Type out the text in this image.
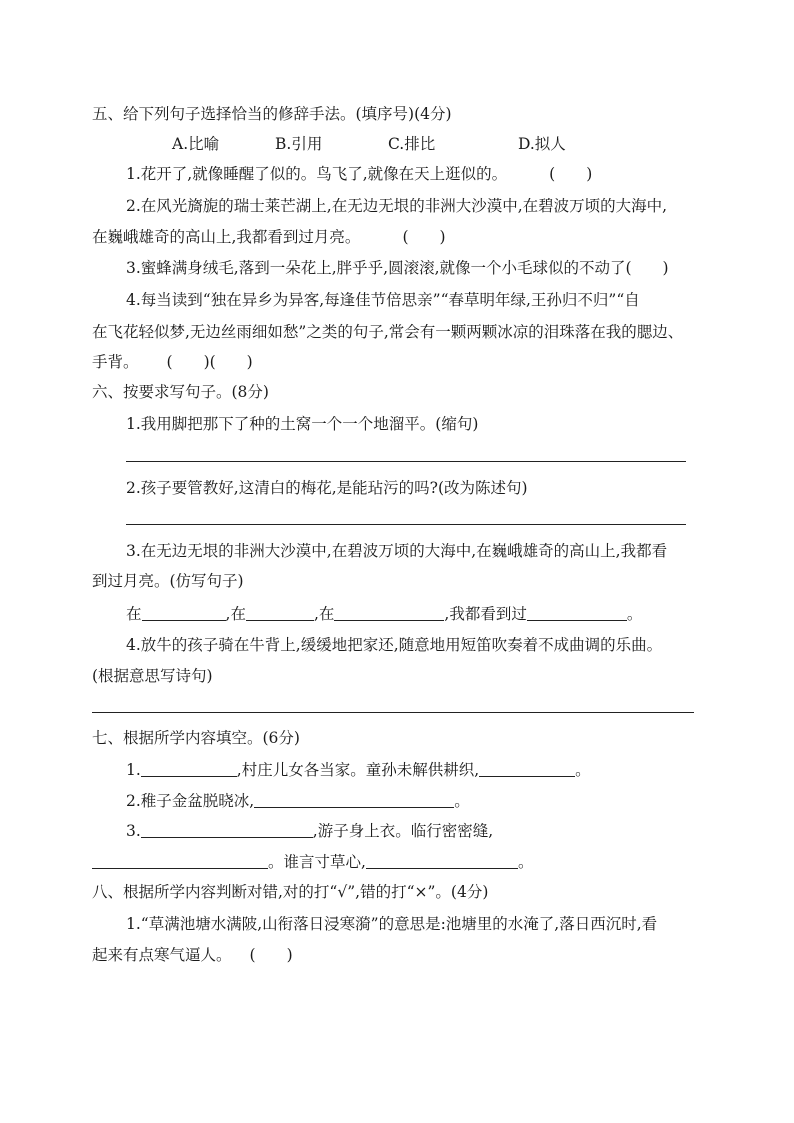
五、给下列句子选择恰当的修辞手法。(填序号)(4分)
A.比喻	B.引用	C.排比	D.拟人
1.花开了,就像睡醒了似的。鸟飞了,就像在天上逛似的。	(　　)
2.在风光旖旎的瑞士莱芒湖上,在无边无垠的非洲大沙漠中,在碧波万顷的大海中,
在巍峨雄奇的高山上,我都看到过月亮。	(　　)
3.蜜蜂满身绒毛,落到一朵花上,胖乎乎,圆滚滚,就像一个小毛球似的不动了(　　)
4.每当读到“独在异乡为异客,每逢佳节倍思亲”“春草明年绿,王孙归不归”“自
在飞花轻似梦,无边丝雨细如愁”之类的句子,常会有一颗两颗冰凉的泪珠落在我的腮边、
手背。 (　　)(　　)
六、按要求写句子。(8分)
1.我用脚把那下了种的土窝一个一个地溜平。(缩句)
2.孩子要管教好,这清白的梅花,是能玷污的吗?(改为陈述句)
3.在无边无垠的非洲大沙漠中,在碧波万顷的大海中,在巍峨雄奇的高山上,我都看
到过月亮。(仿写句子)
在	,在	,在	,我都看到过	。
4.放牛的孩子骑在牛背上,缓缓地把家还,随意地用短笛吹奏着不成曲调的乐曲。
(根据意思写诗句)
七、根据所学内容填空。(6分)
1.	,村庄儿女各当家。童孙未解供耕织,	。
2.稚子金盆脱晓冰,	。
3.	,游子身上衣。临行密密缝,
。谁言寸草心,	。
八、根据所学内容判断对错,对的打“√”,错的打“×”。(4分)
1.“草满池塘水满陂,山衔落日浸寒漪”的意思是:池塘里的水淹了,落日西沉时,看
起来有点寒气逼人。 (　　)
